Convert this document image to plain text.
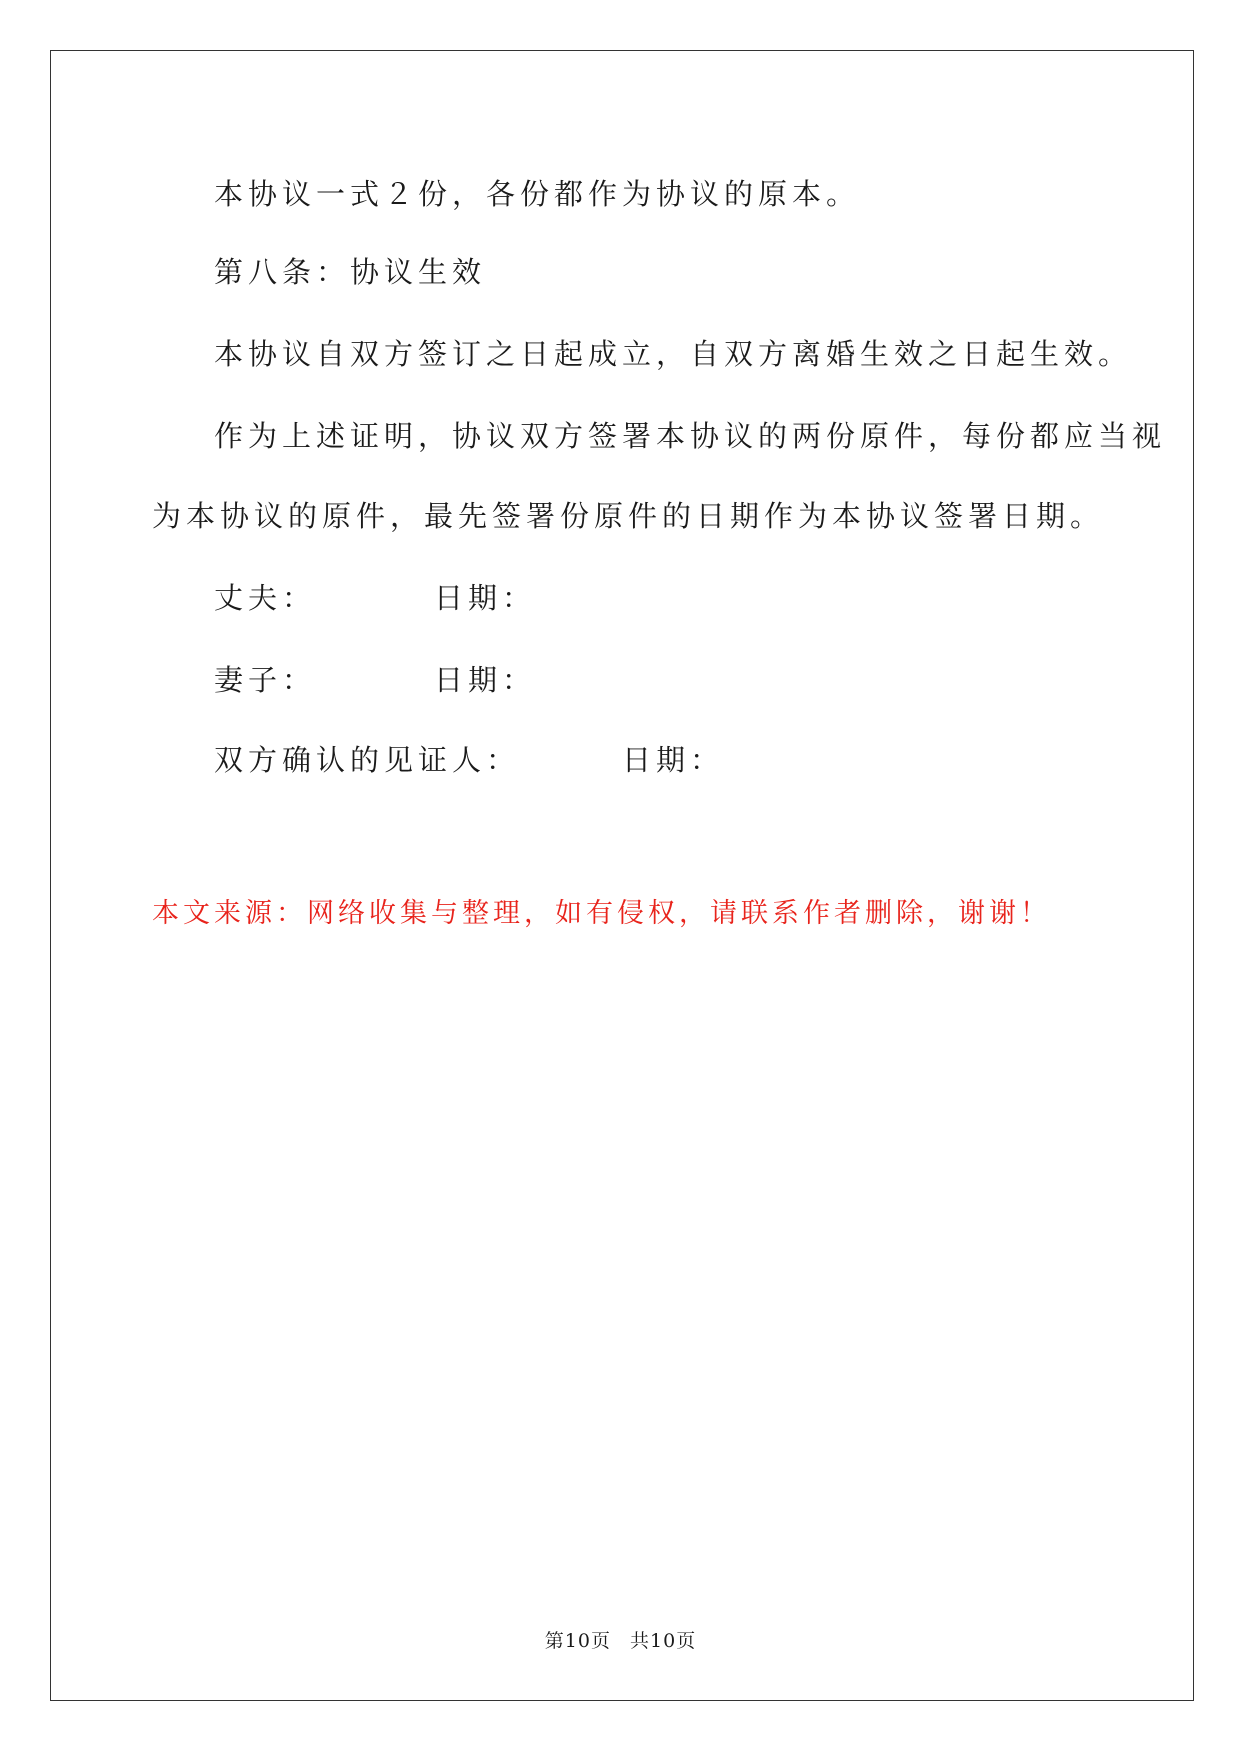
本协议一式２份，各份都作为协议的原本。
第八条：协议生效
本协议自双方签订之日起成立，自双方离婚生效之日起生效。
作为上述证明，协议双方签署本协议的两份原件，每份都应当视
为本协议的原件，最先签署份原件的日期作为本协议签署日期。
丈夫：	日期：
妻子：	日期：
双方确认的见证人：	日期：
本文来源：网络收集与整理，如有侵权，请联系作者删除，谢谢！
第10页 共10页
